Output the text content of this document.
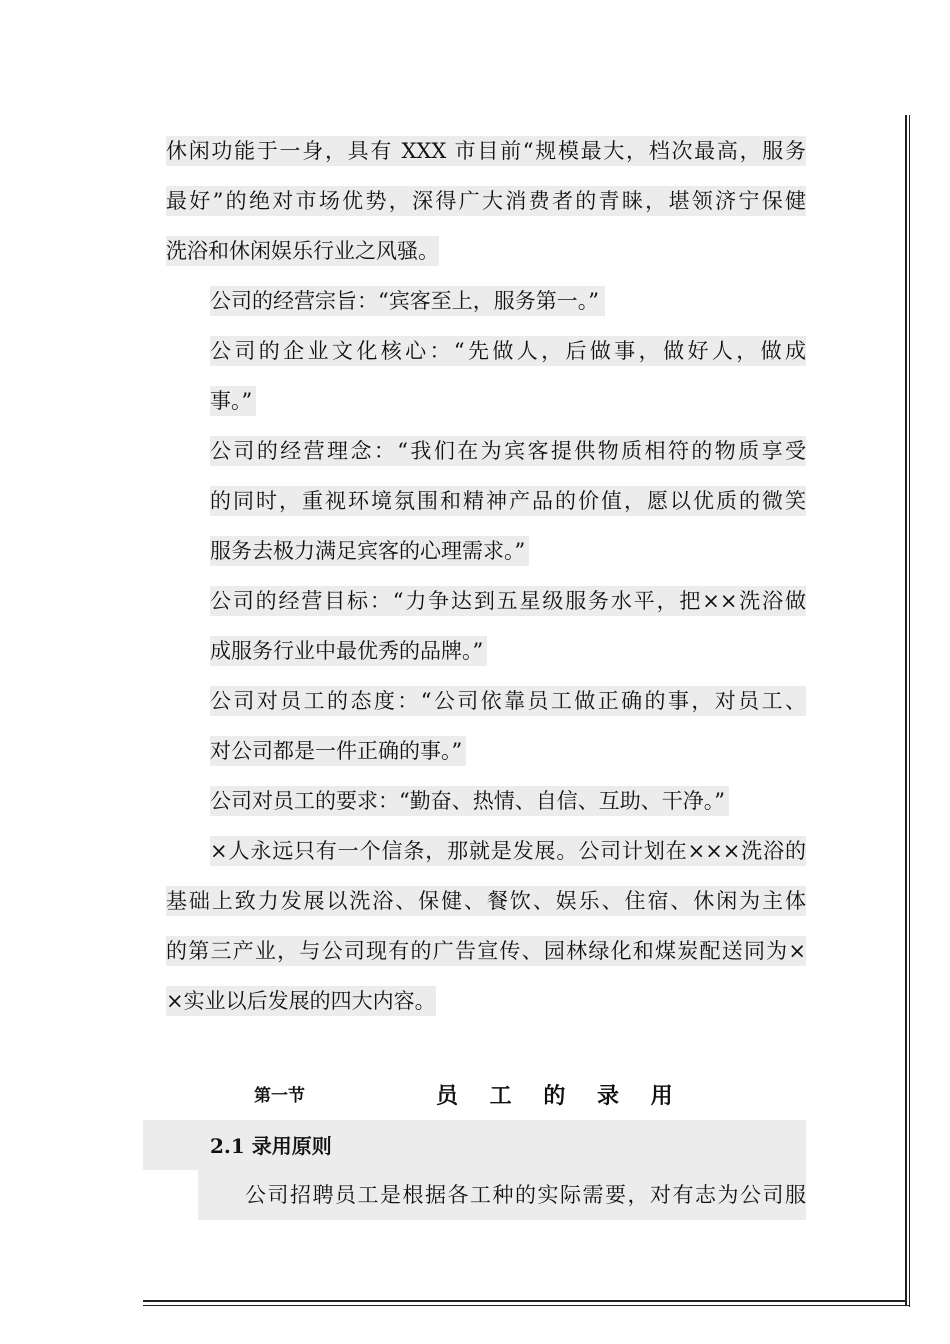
休闲功能于一身，具有 XXX 市目前“规模最大，档次最高，服务
最好”的绝对市场优势，深得广大消费者的青睐，堪领济宁保健
洗浴和休闲娱乐行业之风骚。
公司的经营宗旨：“宾客至上，服务第一。”
公司的企业文化核心：“先做人，后做事，做好人，做成
事。”
公司的经营理念：“我们在为宾客提供物质相符的物质享受
的同时，重视环境氛围和精神产品的价值，愿以优质的微笑
服务去极力满足宾客的心理需求。”
公司的经营目标：“力争达到五星级服务水平，把××洗浴做
成服务行业中最优秀的品牌。”
公司对员工的态度：“公司依靠员工做正确的事，对员工、
对公司都是一件正确的事。”
公司对员工的要求：“勤奋、热情、自信、互助、干净。”
×人永远只有一个信条，那就是发展。公司计划在×××洗浴的
基础上致力发展以洗浴、保健、餐饮、娱乐、住宿、休闲为主体
的第三产业，与公司现有的广告宣传、园林绿化和煤炭配送同为×
×实业以后发展的四大内容。
第一节	员 工 的 录 用
2.1 录用原则
公司招聘员工是根据各工种的实际需要，对有志为公司服
